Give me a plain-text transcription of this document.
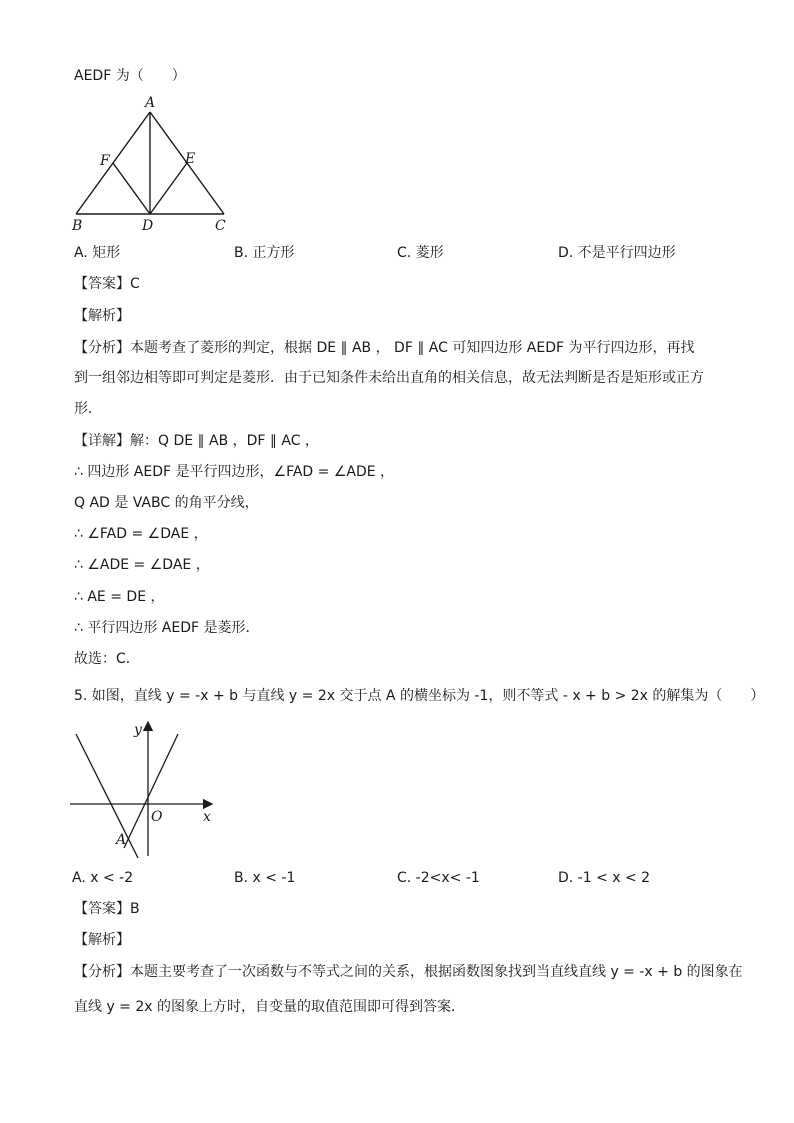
AEDF 为（　　）
A
F	E
B	D	C
A. 矩形	B. 正方形	C. 菱形	D. 不是平行四边形
【答案】C
【解析】
【分析】本题考查了菱形的判定，根据 DE ∥ AB ， DF ∥ AC 可知四边形 AEDF 为平行四边形，再找
到一组邻边相等即可判定是菱形．由于已知条件未给出直角的相关信息，故无法判断是否是矩形或正方
形．
【详解】解：Q DE ∥ AB ，DF ∥ AC ，
∴ 四边形 AEDF 是平行四边形，∠FAD = ∠ADE ，
Q AD 是 VABC 的角平分线，
∴ ∠FAD = ∠DAE ，
∴ ∠ADE = ∠DAE ，
∴ AE = DE ，
∴ 平行四边形 AEDF 是菱形．
故选：C．
5. 如图，直线 y = -x + b 与直线 y = 2x 交于点 A 的横坐标为 -1，则不等式 - x + b > 2x 的解集为（　　）
y
x
O
A
A. x < -2	B. x < -1	C. -2<x< -1	D. -1 < x < 2
【答案】B
【解析】
【分析】本题主要考查了一次函数与不等式之间的关系，根据函数图象找到当直线直线 y = -x + b 的图象在
直线 y = 2x 的图象上方时，自变量的取值范围即可得到答案．
